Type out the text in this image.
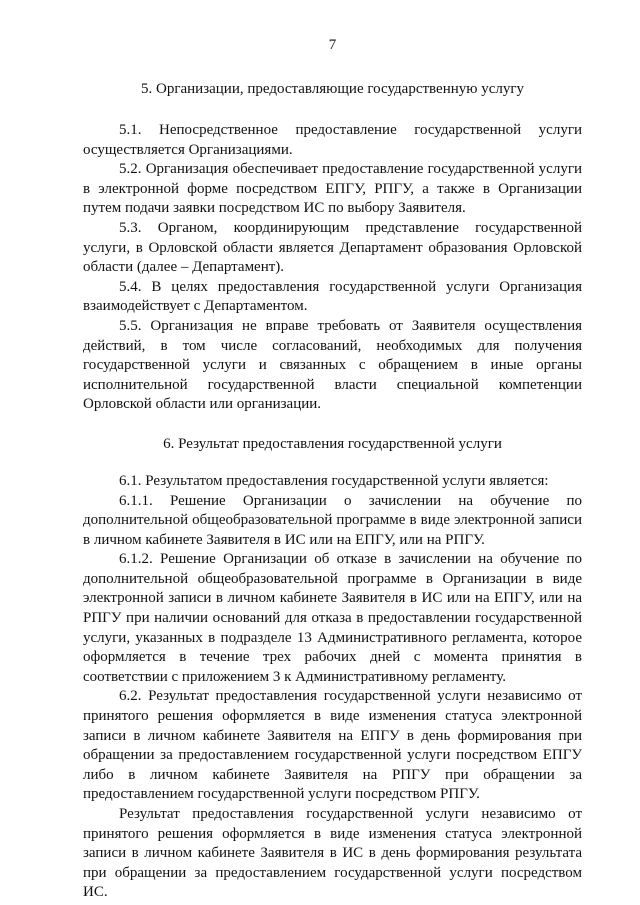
7
5. Организации, предоставляющие государственную услугу

5.1. Непосредственное предоставление государственной услуги осуществляется Организациями.

5.2. Организация обеспечивает предоставление государственной услуги в электронной форме посредством ЕПГУ, РПГУ, а также в Организации путем подачи заявки посредством ИС по выбору Заявителя.

5.3. Органом, координирующим представление государственной услуги, в Орловской области является Департамент образования Орловской области (далее – Департамент).

5.4. В целях предоставления государственной услуги Организация взаимодействует с Департаментом.

5.5. Организация не вправе требовать от Заявителя осуществления действий, в том числе согласований, необходимых для получения государственной услуги и связанных с обращением в иные органы исполнительной государственной власти специальной компетенции Орловской области или организации.

6. Результат предоставления государственной услуги

6.1. Результатом предоставления государственной услуги является:

6.1.1. Решение Организации о зачислении на обучение по дополнительной общеобразовательной программе в виде электронной записи в личном кабинете Заявителя в ИС или на ЕПГУ, или на РПГУ.

6.1.2. Решение Организации об отказе в зачислении на обучение по дополнительной общеобразовательной программе в Организации в виде электронной записи в личном кабинете Заявителя в ИС или на ЕПГУ, или на РПГУ при наличии оснований для отказа в предоставлении государственной услуги, указанных в подразделе 13 Административного регламента, которое оформляется в течение трех рабочих дней с момента принятия в соответствии с приложением 3 к Административному регламенту.

6.2. Результат предоставления государственной услуги независимо от принятого решения оформляется в виде изменения статуса электронной записи в личном кабинете Заявителя на ЕПГУ в день формирования при обращении за предоставлением государственной услуги посредством ЕПГУ либо в личном кабинете Заявителя на РПГУ при обращении за предоставлением государственной услуги посредством РПГУ.

Результат предоставления государственной услуги независимо от принятого решения оформляется в виде изменения статуса электронной записи в личном кабинете Заявителя в ИС в день формирования результата при обращении за предоставлением государственной услуги посредством ИС.
